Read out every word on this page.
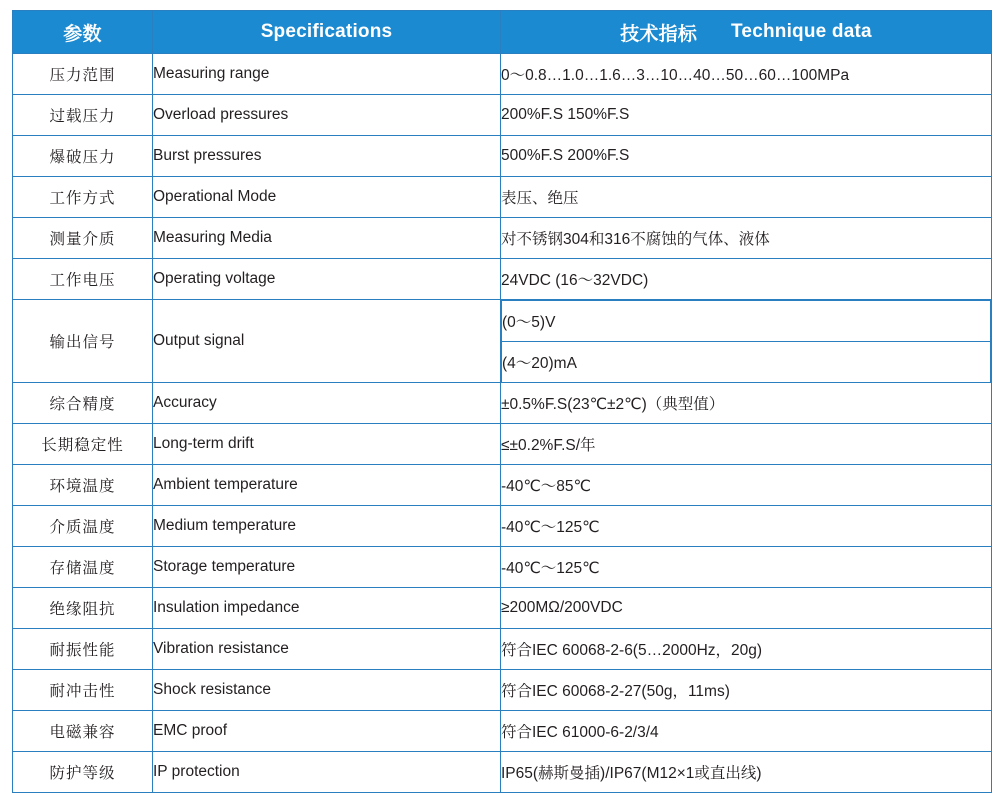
参数	Specifications	技术指标 Technique data

压力范围	Measuring range	0～0.8…1.0…1.6…3…10…40…50…60…100MPa
过载压力	Overload pressures	200%F.S 150%F.S
爆破压力	Burst pressures	500%F.S 200%F.S
工作方式	Operational Mode	表压、绝压
测量介质	Measuring Media	对不锈钢304和316不腐蚀的气体、液体
工作电压	Operating voltage	24VDC (16～32VDC)
输出信号	Output signal	
(0～5)V
(4～20)mA

综合精度	Accuracy	±0.5%F.S(23℃±2℃)（典型值）
长期稳定性	Long-term drift	≤±0.2%F.S/年
环境温度	Ambient temperature	-40℃～85℃
介质温度	Medium temperature	-40℃～125℃
存储温度	Storage temperature	-40℃～125℃
绝缘阻抗	Insulation impedance	≥200MΩ/200VDC
耐振性能	Vibration resistance	符合IEC 60068-2-6(5…2000Hz，20g)
耐冲击性	Shock resistance	符合IEC 60068-2-27(50g，11ms)
电磁兼容	EMC proof	符合IEC 61000-6-2/3/4
防护等级	IP protection	IP65(赫斯曼插)/IP67(M12×1或直出线)
